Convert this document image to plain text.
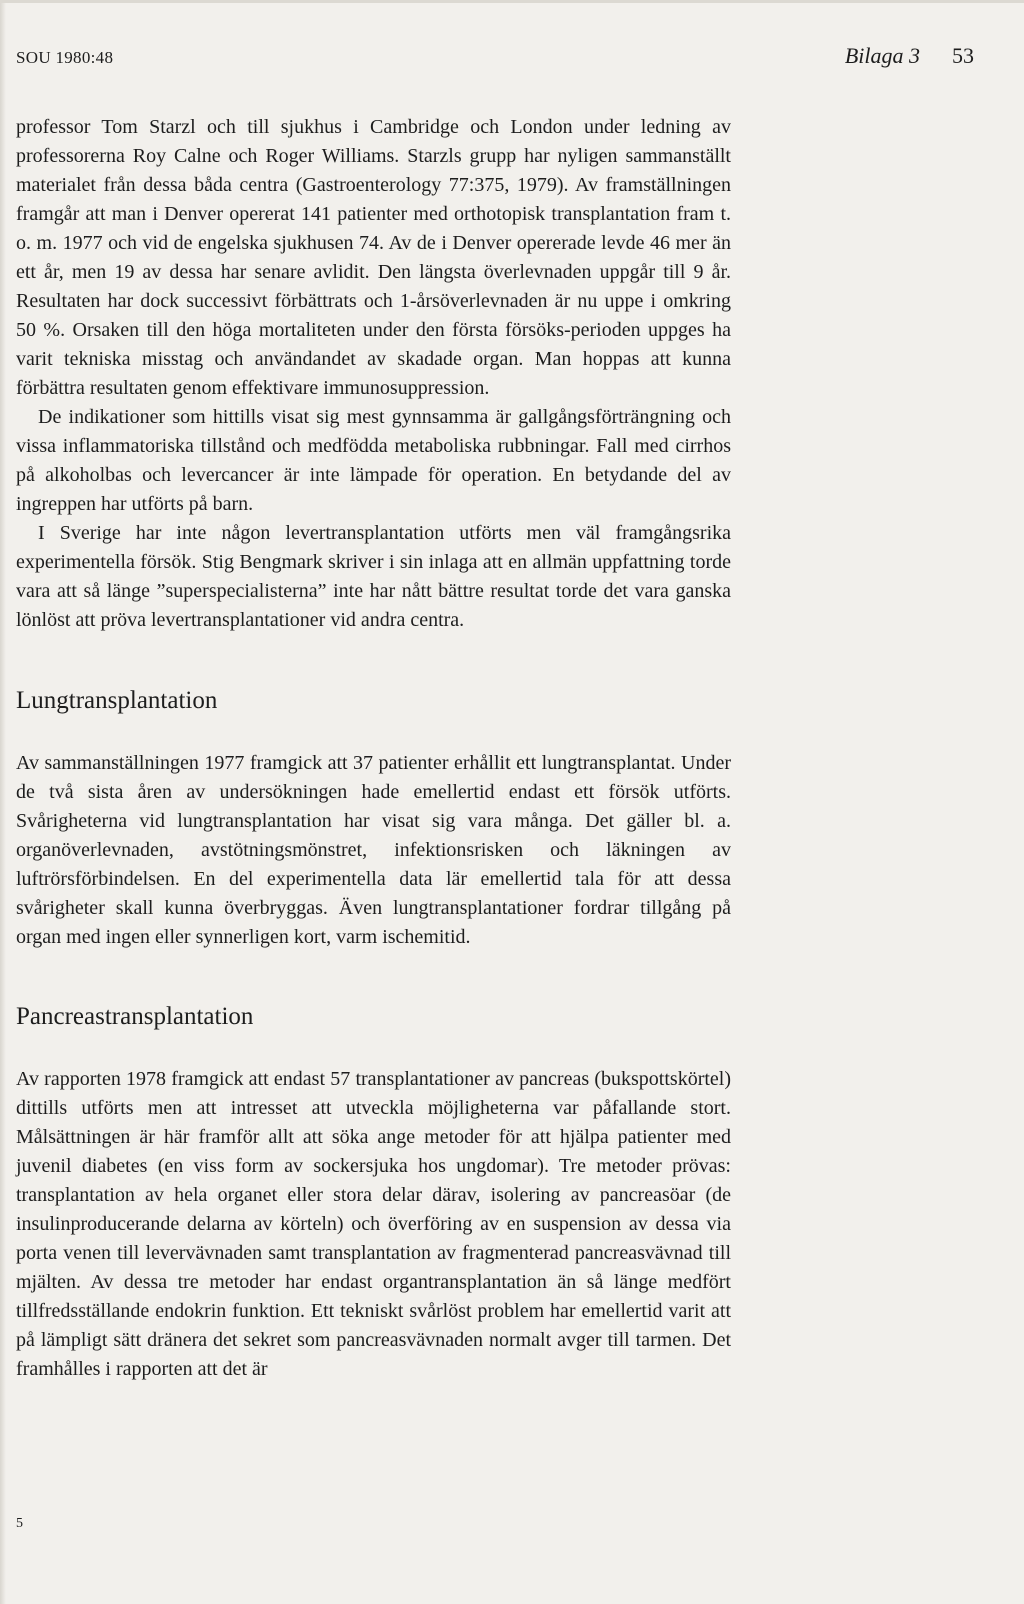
SOU 1980:48	Bilaga 3 53

professor Tom Starzl och till sjukhus i Cambridge och London under ledning av professorerna Roy Calne och Roger Williams. Starzls grupp har nyligen sammanställt materialet från dessa båda centra (Gastroenterology 77:375, 1979). Av framställningen framgår att man i Denver opererat 141 patienter med orthotopisk transplantation fram t. o. m. 1977 och vid de engelska sjukhusen 74. Av de i Denver opererade levde 46 mer än ett år, men 19 av dessa har senare avlidit. Den längsta överlevnaden uppgår till 9 år. Resultaten har dock successivt förbättrats och 1-årsöverlevnaden är nu uppe i omkring 50 %. Orsaken till den höga mortaliteten under den första försöks-perioden uppges ha varit tekniska misstag och användandet av skadade organ. Man hoppas att kunna förbättra resultaten genom effektivare immunosuppression.

De indikationer som hittills visat sig mest gynnsamma är gallgångsförträngning och vissa inflammatoriska tillstånd och medfödda metaboliska rubbningar. Fall med cirrhos på alkoholbas och levercancer är inte lämpade för operation. En betydande del av ingreppen har utförts på barn.

I Sverige har inte någon levertransplantation utförts men väl framgångsrika experimentella försök. Stig Bengmark skriver i sin inlaga att en allmän uppfattning torde vara att så länge ”superspecialisterna” inte har nått bättre resultat torde det vara ganska lönlöst att pröva levertransplantationer vid andra centra.

Lungtransplantation

Av sammanställningen 1977 framgick att 37 patienter erhållit ett lungtransplantat. Under de två sista åren av undersökningen hade emellertid endast ett försök utförts. Svårigheterna vid lungtransplantation har visat sig vara många. Det gäller bl. a. organöverlevnaden, avstötningsmönstret, infektionsrisken och läkningen av luftrörsförbindelsen. En del experimentella data lär emellertid tala för att dessa svårigheter skall kunna överbryggas. Även lungtransplantationer fordrar tillgång på organ med ingen eller synnerligen kort, varm ischemitid.

Pancreastransplantation

Av rapporten 1978 framgick att endast 57 transplantationer av pancreas (bukspottskörtel) dittills utförts men att intresset att utveckla möjligheterna var påfallande stort. Målsättningen är här framför allt att söka ange metoder för att hjälpa patienter med juvenil diabetes (en viss form av sockersjuka hos ungdomar). Tre metoder prövas: transplantation av hela organet eller stora delar därav, isolering av pancreasöar (de insulinproducerande delarna av körteln) och överföring av en suspension av dessa via porta venen till levervävnaden samt transplantation av fragmenterad pancreasvävnad till mjälten. Av dessa tre metoder har endast organtransplantation än så länge medfört tillfredsställande endokrin funktion. Ett tekniskt svårlöst problem har emellertid varit att på lämpligt sätt dränera det sekret som pancreasvävnaden normalt avger till tarmen. Det framhålles i rapporten att det är

5
